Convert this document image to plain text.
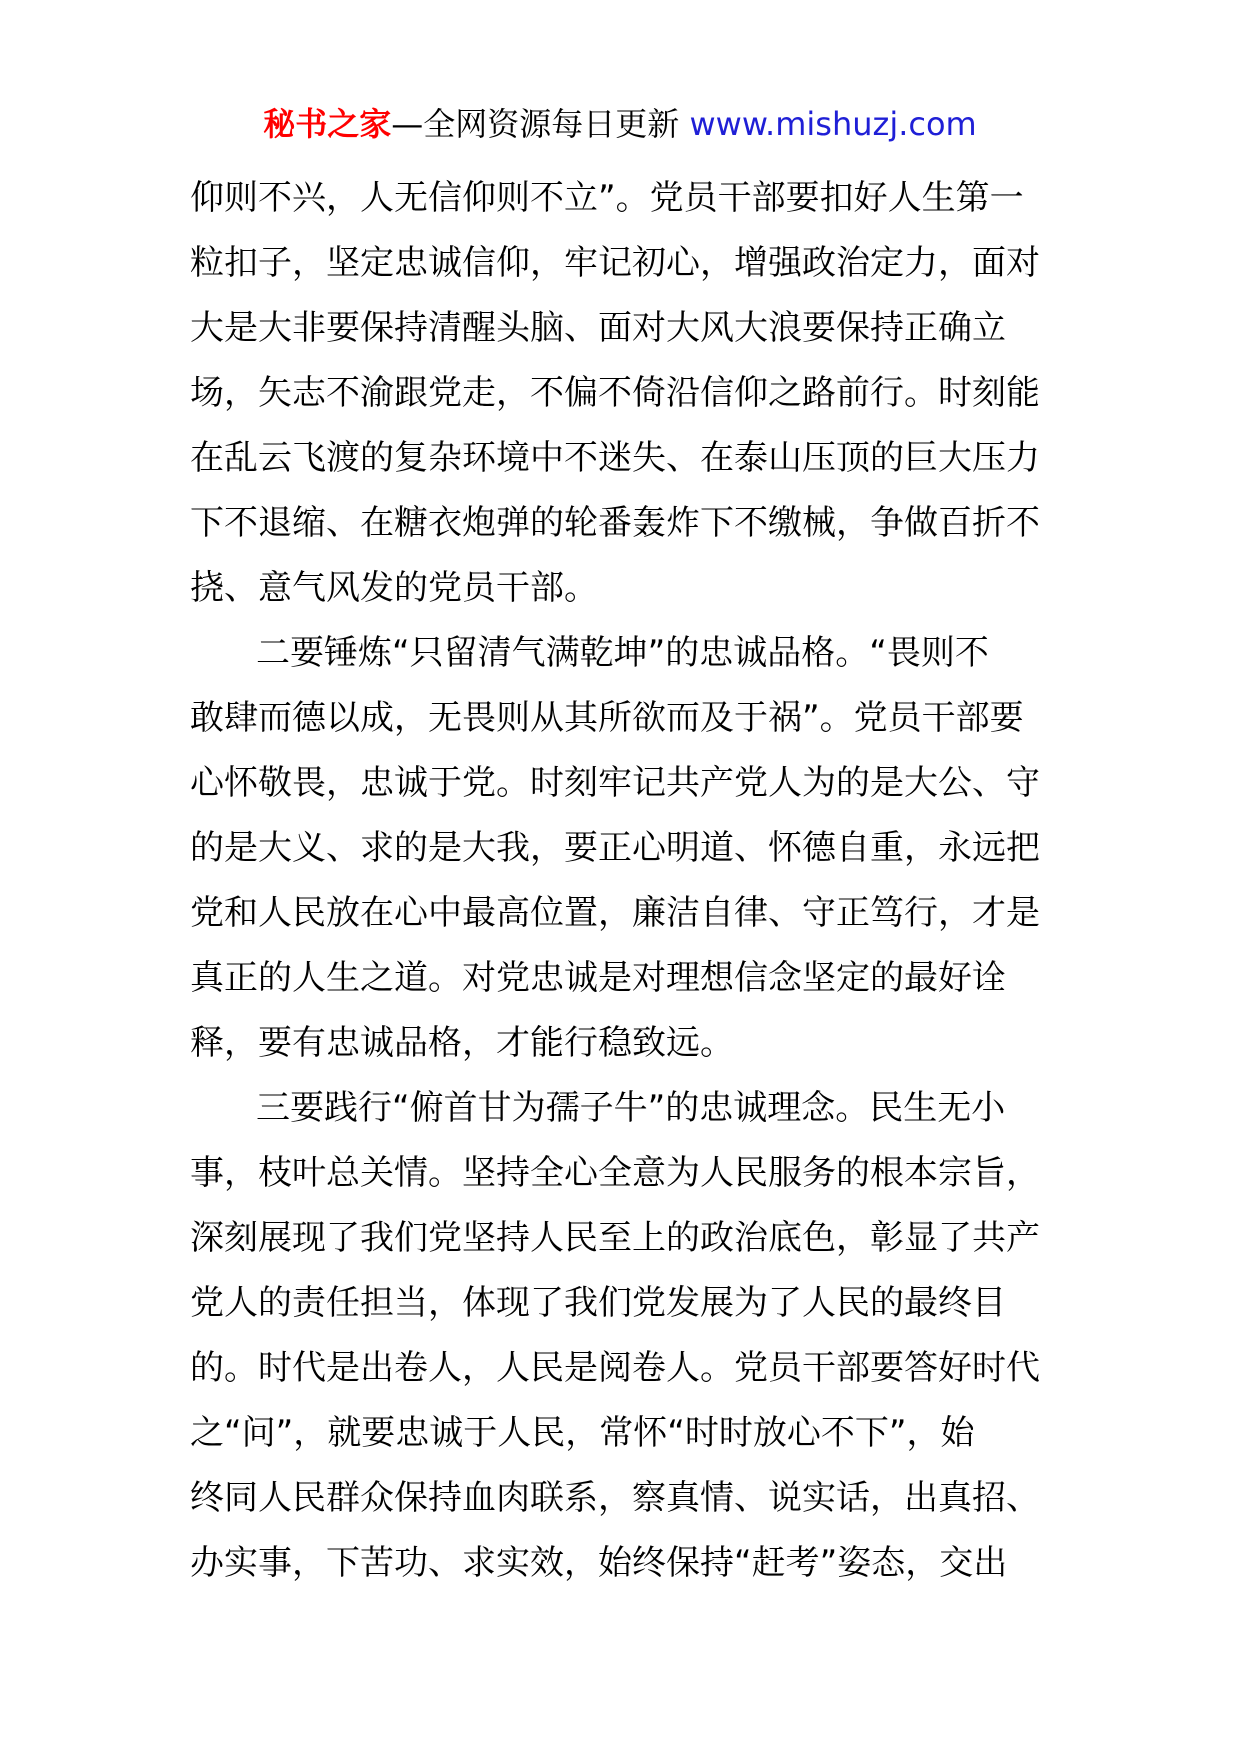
秘书之家—全网资源每日更新 www.mishuzj.com
仰则不兴，人无信仰则不立”。党员干部要扣好人生第一
粒扣子，坚定忠诚信仰，牢记初心，增强政治定力，面对
大是大非要保持清醒头脑、面对大风大浪要保持正确立
场，矢志不渝跟党走，不偏不倚沿信仰之路前行。时刻能
在乱云飞渡的复杂环境中不迷失、在泰山压顶的巨大压力
下不退缩、在糖衣炮弹的轮番轰炸下不缴械，争做百折不
挠、意气风发的党员干部。
二要锤炼“只留清气满乾坤”的忠诚品格。“畏则不
敢肆而德以成，无畏则从其所欲而及于祸”。党员干部要
心怀敬畏，忠诚于党。时刻牢记共产党人为的是大公、守
的是大义、求的是大我，要正心明道、怀德自重，永远把
党和人民放在心中最高位置，廉洁自律、守正笃行，才是
真正的人生之道。对党忠诚是对理想信念坚定的最好诠
释，要有忠诚品格，才能行稳致远。
三要践行“俯首甘为孺子牛”的忠诚理念。民生无小
事，枝叶总关情。坚持全心全意为人民服务的根本宗旨，
深刻展现了我们党坚持人民至上的政治底色，彰显了共产
党人的责任担当，体现了我们党发展为了人民的最终目
的。时代是出卷人，人民是阅卷人。党员干部要答好时代
之“问”，就要忠诚于人民，常怀“时时放心不下”，始
终同人民群众保持血肉联系，察真情、说实话，出真招、
办实事，下苦功、求实效，始终保持“赶考”姿态，交出
